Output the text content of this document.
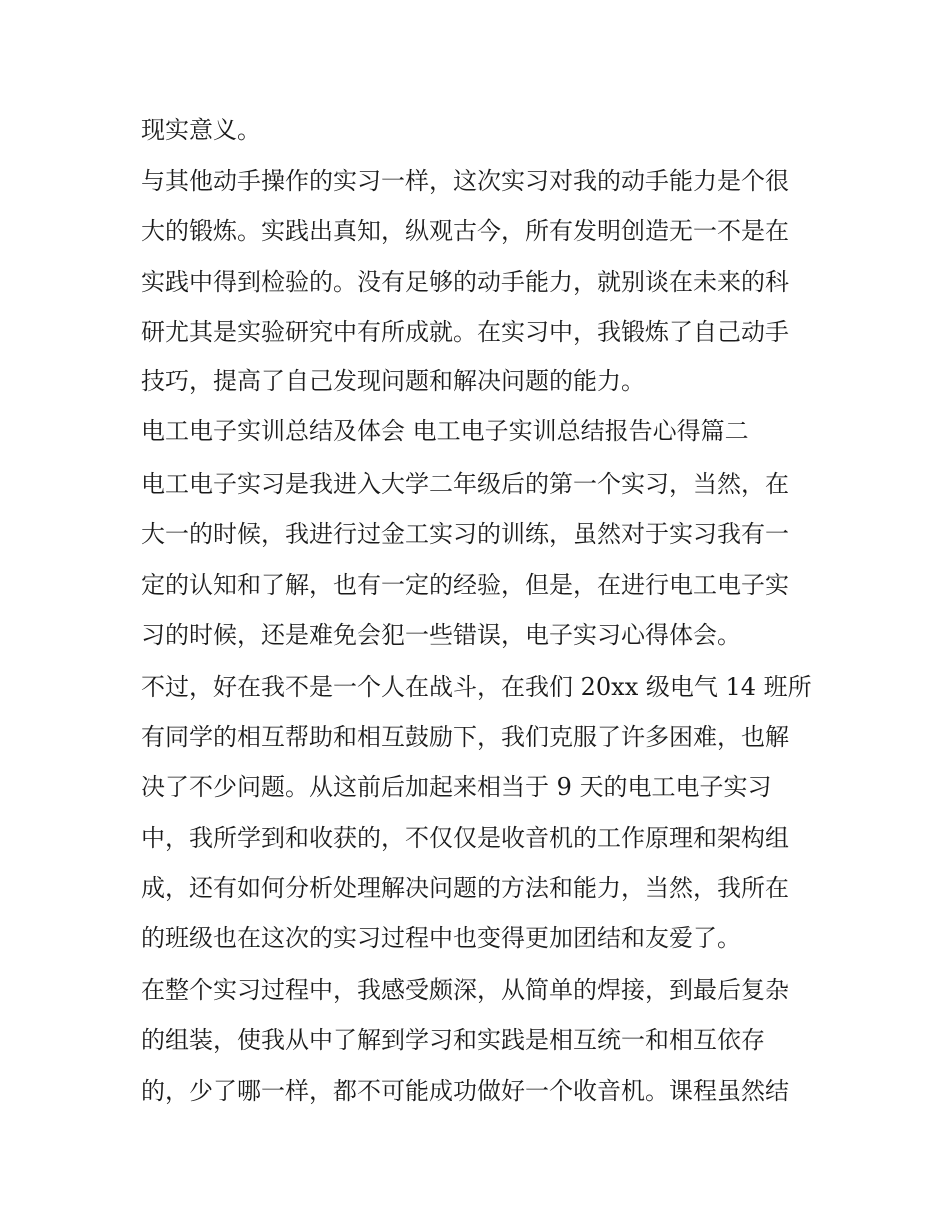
现实意义。
与其他动手操作的实习一样，这次实习对我的动手能力是个很
大的锻炼。实践出真知，纵观古今，所有发明创造无一不是在
实践中得到检验的。没有足够的动手能力，就别谈在未来的科
研尤其是实验研究中有所成就。在实习中，我锻炼了自己动手
技巧，提高了自己发现问题和解决问题的能力。
电工电子实训总结及体会 电工电子实训总结报告心得篇二
电工电子实习是我进入大学二年级后的第一个实习，当然，在
大一的时候，我进行过金工实习的训练，虽然对于实习我有一
定的认知和了解，也有一定的经验，但是，在进行电工电子实
习的时候，还是难免会犯一些错误，电子实习心得体会。
不过，好在我不是一个人在战斗，在我们 20xx 级电气 14 班所
有同学的相互帮助和相互鼓励下，我们克服了许多困难，也解
决了不少问题。从这前后加起来相当于 9 天的电工电子实习
中，我所学到和收获的，不仅仅是收音机的工作原理和架构组
成，还有如何分析处理解决问题的方法和能力，当然，我所在
的班级也在这次的实习过程中也变得更加团结和友爱了。
在整个实习过程中，我感受颇深，从简单的焊接，到最后复杂
的组装，使我从中了解到学习和实践是相互统一和相互依存
的，少了哪一样，都不可能成功做好一个收音机。课程虽然结
